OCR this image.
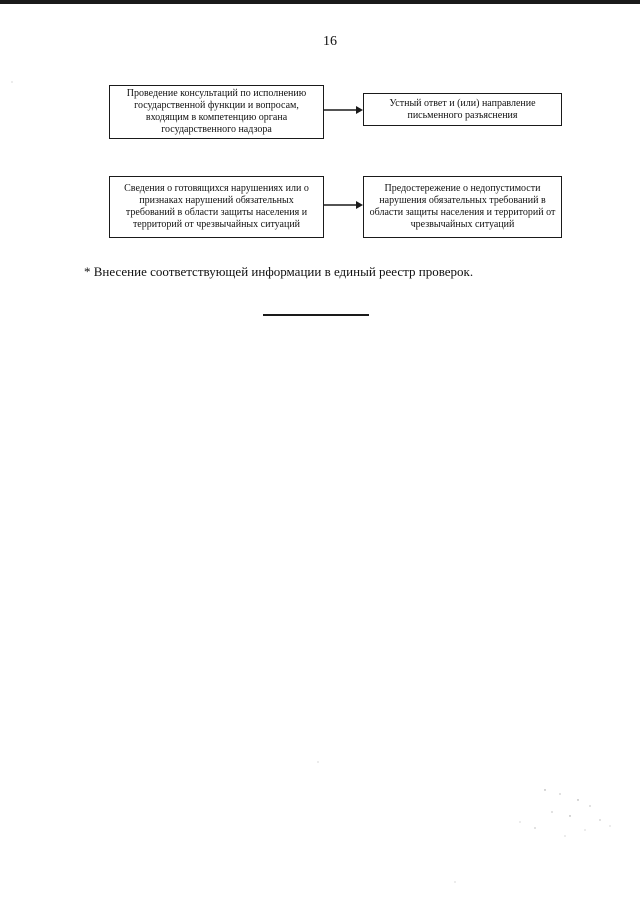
16
Проведение консультаций по исполнению государственной функции и вопросам, входящим в компетенцию органа государственного надзора
Устный ответ и (или) направление письменного разъяснения
Сведения о готовящихся нарушениях или о признаках нарушений обязательных требований в области защиты населения и территорий от чрезвычайных ситуаций
Предостережение о недопустимости нарушения обязательных требований в области защиты населения и территорий от чрезвычайных ситуаций
* Внесение соответствующей информации в единый реестр проверок.
